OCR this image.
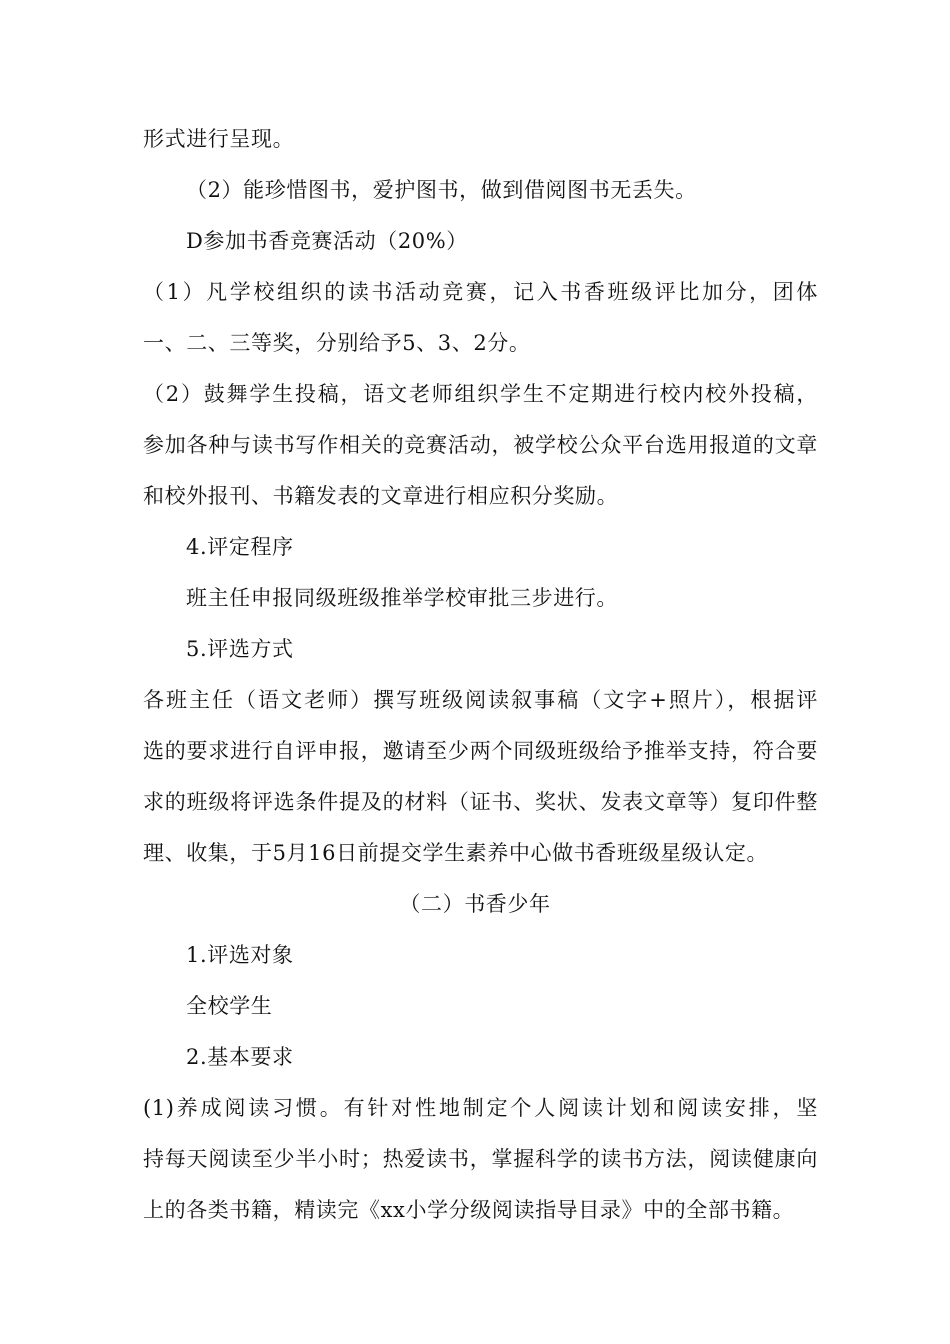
形式进行呈现。
（2）能珍惜图书，爱护图书，做到借阅图书无丢失。
D参加书香竞赛活动（20%）
（1）凡学校组织的读书活动竞赛，记入书香班级评比加分，团体
一、二、三等奖，分别给予5、3、2分。
（2）鼓舞学生投稿，语文老师组织学生不定期进行校内校外投稿，
参加各种与读书写作相关的竞赛活动，被学校公众平台选用报道的文章
和校外报刊、书籍发表的文章进行相应积分奖励。
4.评定程序
班主任申报同级班级推举学校审批三步进行。
5.评选方式
各班主任（语文老师）撰写班级阅读叙事稿（文字+照片），根据评
选的要求进行自评申报，邀请至少两个同级班级给予推举支持，符合要
求的班级将评选条件提及的材料（证书、奖状、发表文章等）复印件整
理、收集，于5月16日前提交学生素养中心做书香班级星级认定。
（二）书香少年
1.评选对象
全校学生
2.基本要求
(1)养成阅读习惯。有针对性地制定个人阅读计划和阅读安排，坚
持每天阅读至少半小时；热爱读书，掌握科学的读书方法，阅读健康向
上的各类书籍，精读完《xx小学分级阅读指导目录》中的全部书籍。
